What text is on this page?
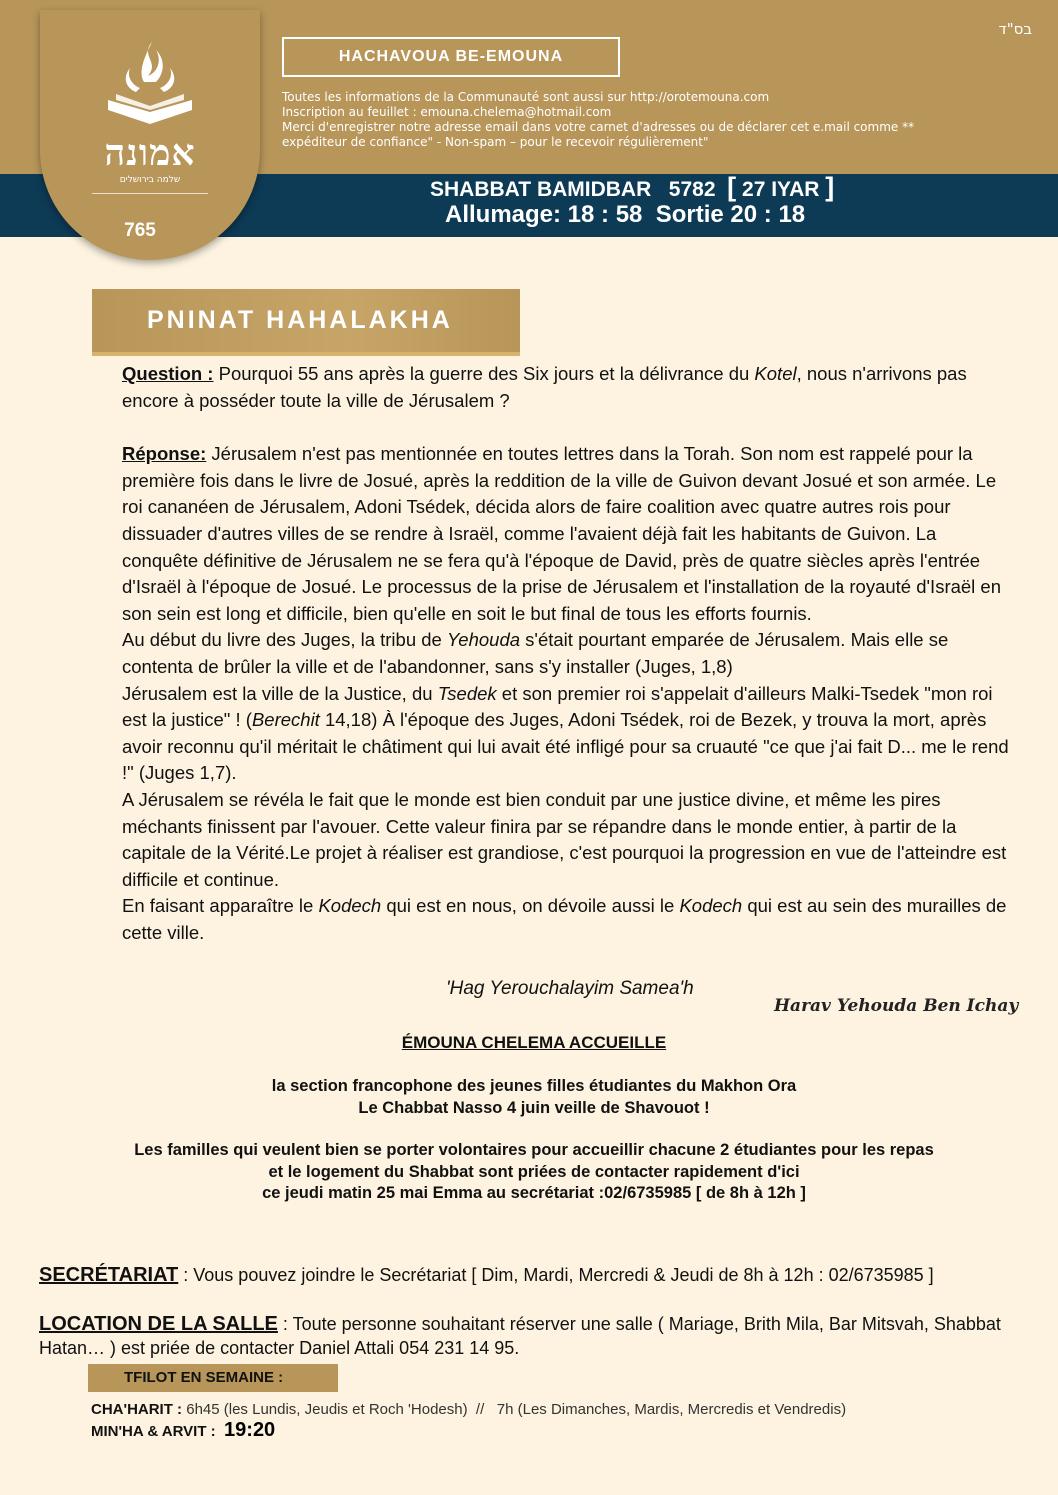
בס"ד
HACHAVOUA BE-EMOUNA
Toutes les informations de la Communauté sont aussi sur http://orotemouna.com
Inscription au feuillet : emouna.chelema@hotmail.com
Merci d'enregistrer notre adresse email dans votre carnet d'adresses ou de déclarer cet e.mail comme **
expéditeur de confiance" - Non-spam – pour le recevoir régulièrement"
SHABBAT BAMIDBAR 5782 [ 27 IYAR ]
Allumage: 18 : 58  Sortie 20 : 18
אמונה
שלמה בירושלים
765
PNINAT HAHALAKHA

Question : Pourquoi 55 ans après la guerre des Six jours et la délivrance du Kotel, nous n'arrivons pas encore à posséder toute la ville de Jérusalem ?

Réponse: Jérusalem n'est pas mentionnée en toutes lettres dans la Torah. Son nom est rappelé pour la première fois dans le livre de Josué, après la reddition de la ville de Guivon devant Josué et son armée. Le roi cananéen de Jérusalem, Adoni Tsédek, décida alors de faire coalition avec quatre autres rois pour dissuader d'autres villes de se rendre à Israël, comme l'avaient déjà fait les habitants de Guivon. La conquête définitive de Jérusalem ne se fera qu'à l'époque de David, près de quatre siècles après l'entrée d'Israël à l'époque de Josué. Le processus de la prise de Jérusalem et l'installation de la royauté d'Israël en son sein est long et difficile, bien qu'elle en soit le but final de tous les efforts fournis.

Au début du livre des Juges, la tribu de Yehouda s'était pourtant emparée de Jérusalem. Mais elle se contenta de brûler la ville et de l'abandonner, sans s'y installer (Juges, 1,8)

Jérusalem est la ville de la Justice, du Tsedek et son premier roi s'appelait d'ailleurs Malki-Tsedek "mon roi est la justice" ! (Berechit 14,18) À l'époque des Juges, Adoni Tsédek, roi de Bezek, y trouva la mort, après avoir reconnu qu'il méritait le châtiment qui lui avait été infligé pour sa cruauté "ce que j'ai fait D... me le rend !" (Juges 1,7).

A Jérusalem se révéla le fait que le monde est bien conduit par une justice divine, et même les pires méchants finissent par l'avouer. Cette valeur finira par se répandre dans le monde entier, à partir de la capitale de la Vérité.Le projet à réaliser est grandiose, c'est pourquoi la progression en vue de l'atteindre est difficile et continue.

En faisant apparaître le Kodech qui est en nous, on dévoile aussi le Kodech qui est au sein des murailles de cette ville.

'Hag Yerouchalayim Samea'h
Harav Yehouda Ben Ichay
ÉMOUNA CHELEMA ACCUEILLE
la section francophone des jeunes filles étudiantes du Makhon Ora
Le Chabbat Nasso 4 juin veille de Shavouot !
Les familles qui veulent bien se porter volontaires pour accueillir chacune 2 étudiantes pour les repas
et le logement du Shabbat sont priées de contacter rapidement d'ici
ce jeudi matin 25 mai Emma au secrétariat :02/6735985 [ de 8h à 12h ]
SECRÉTARIAT : Vous pouvez joindre le Secrétariat [ Dim, Mardi, Mercredi & Jeudi de 8h à 12h : 02/6735985 ]
LOCATION DE LA SALLE : Toute personne souhaitant réserver une salle ( Mariage, Brith Mila, Bar Mitsvah, Shabbat Hatan… ) est priée de contacter Daniel Attali 054 231 14 95.
TFILOT EN SEMAINE :
CHA'HARIT : 6h45 (les Lundis, Jeudis et Roch 'Hodesh)  //   7h (Les Dimanches, Mardis, Mercredis et Vendredis)
MIN'HA & ARVIT : 19:20
